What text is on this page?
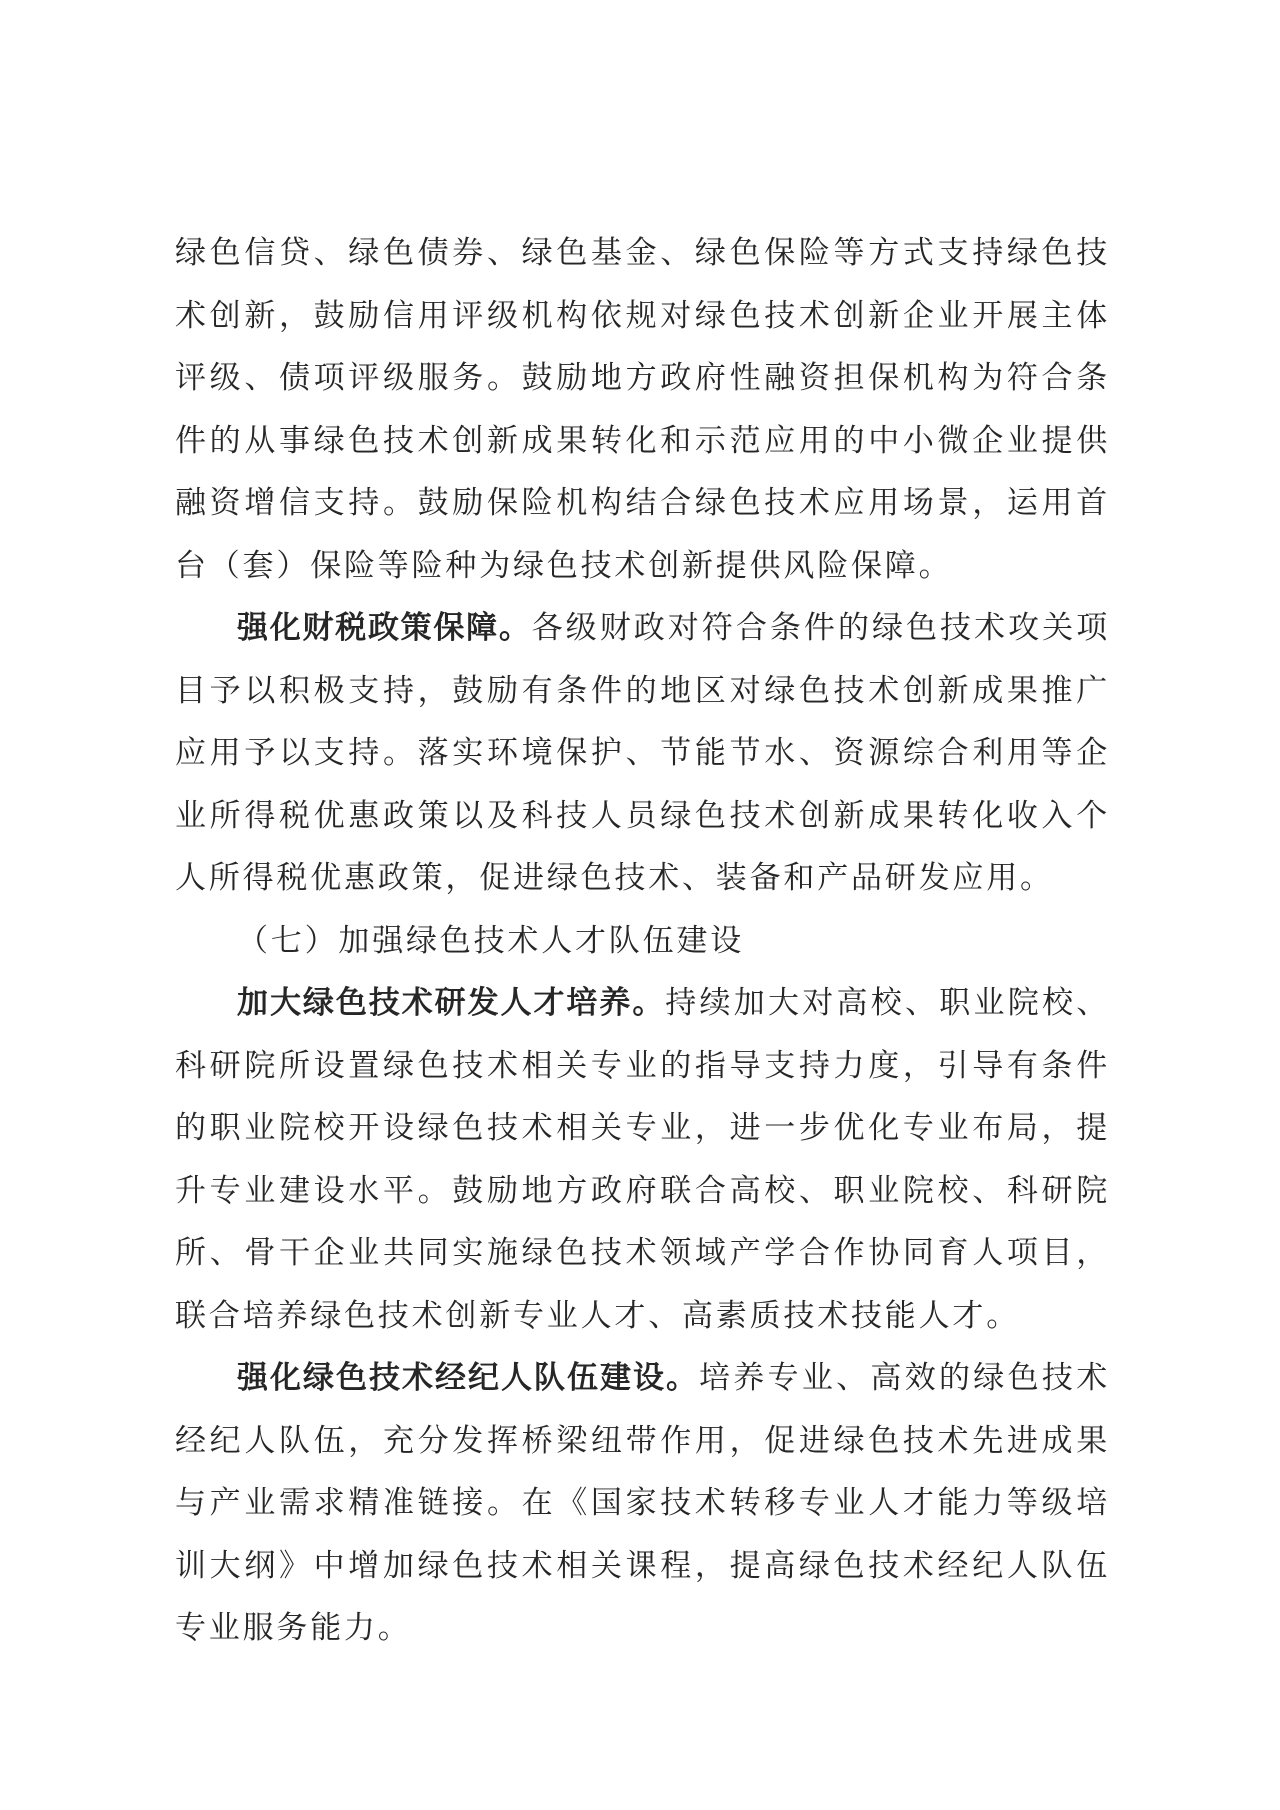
绿色信贷、绿色债券、绿色基金、绿色保险等方式支持绿色技术创新，鼓励信用评级机构依规对绿色技术创新企业开展主体评级、债项评级服务。鼓励地方政府性融资担保机构为符合条件的从事绿色技术创新成果转化和示范应用的中小微企业提供融资增信支持。鼓励保险机构结合绿色技术应用场景，运用首台（套）保险等险种为绿色技术创新提供风险保障。

强化财税政策保障。各级财政对符合条件的绿色技术攻关项目予以积极支持，鼓励有条件的地区对绿色技术创新成果推广应用予以支持。落实环境保护、节能节水、资源综合利用等企业所得税优惠政策以及科技人员绿色技术创新成果转化收入个人所得税优惠政策，促进绿色技术、装备和产品研发应用。

（七）加强绿色技术人才队伍建设

加大绿色技术研发人才培养。持续加大对高校、职业院校、科研院所设置绿色技术相关专业的指导支持力度，引导有条件的职业院校开设绿色技术相关专业，进一步优化专业布局，提升专业建设水平。鼓励地方政府联合高校、职业院校、科研院所、骨干企业共同实施绿色技术领域产学合作协同育人项目，联合培养绿色技术创新专业人才、高素质技术技能人才。

强化绿色技术经纪人队伍建设。培养专业、高效的绿色技术经纪人队伍，充分发挥桥梁纽带作用，促进绿色技术先进成果与产业需求精准链接。在《国家技术转移专业人才能力等级培训大纲》中增加绿色技术相关课程，提高绿色技术经纪人队伍专业服务能力。
